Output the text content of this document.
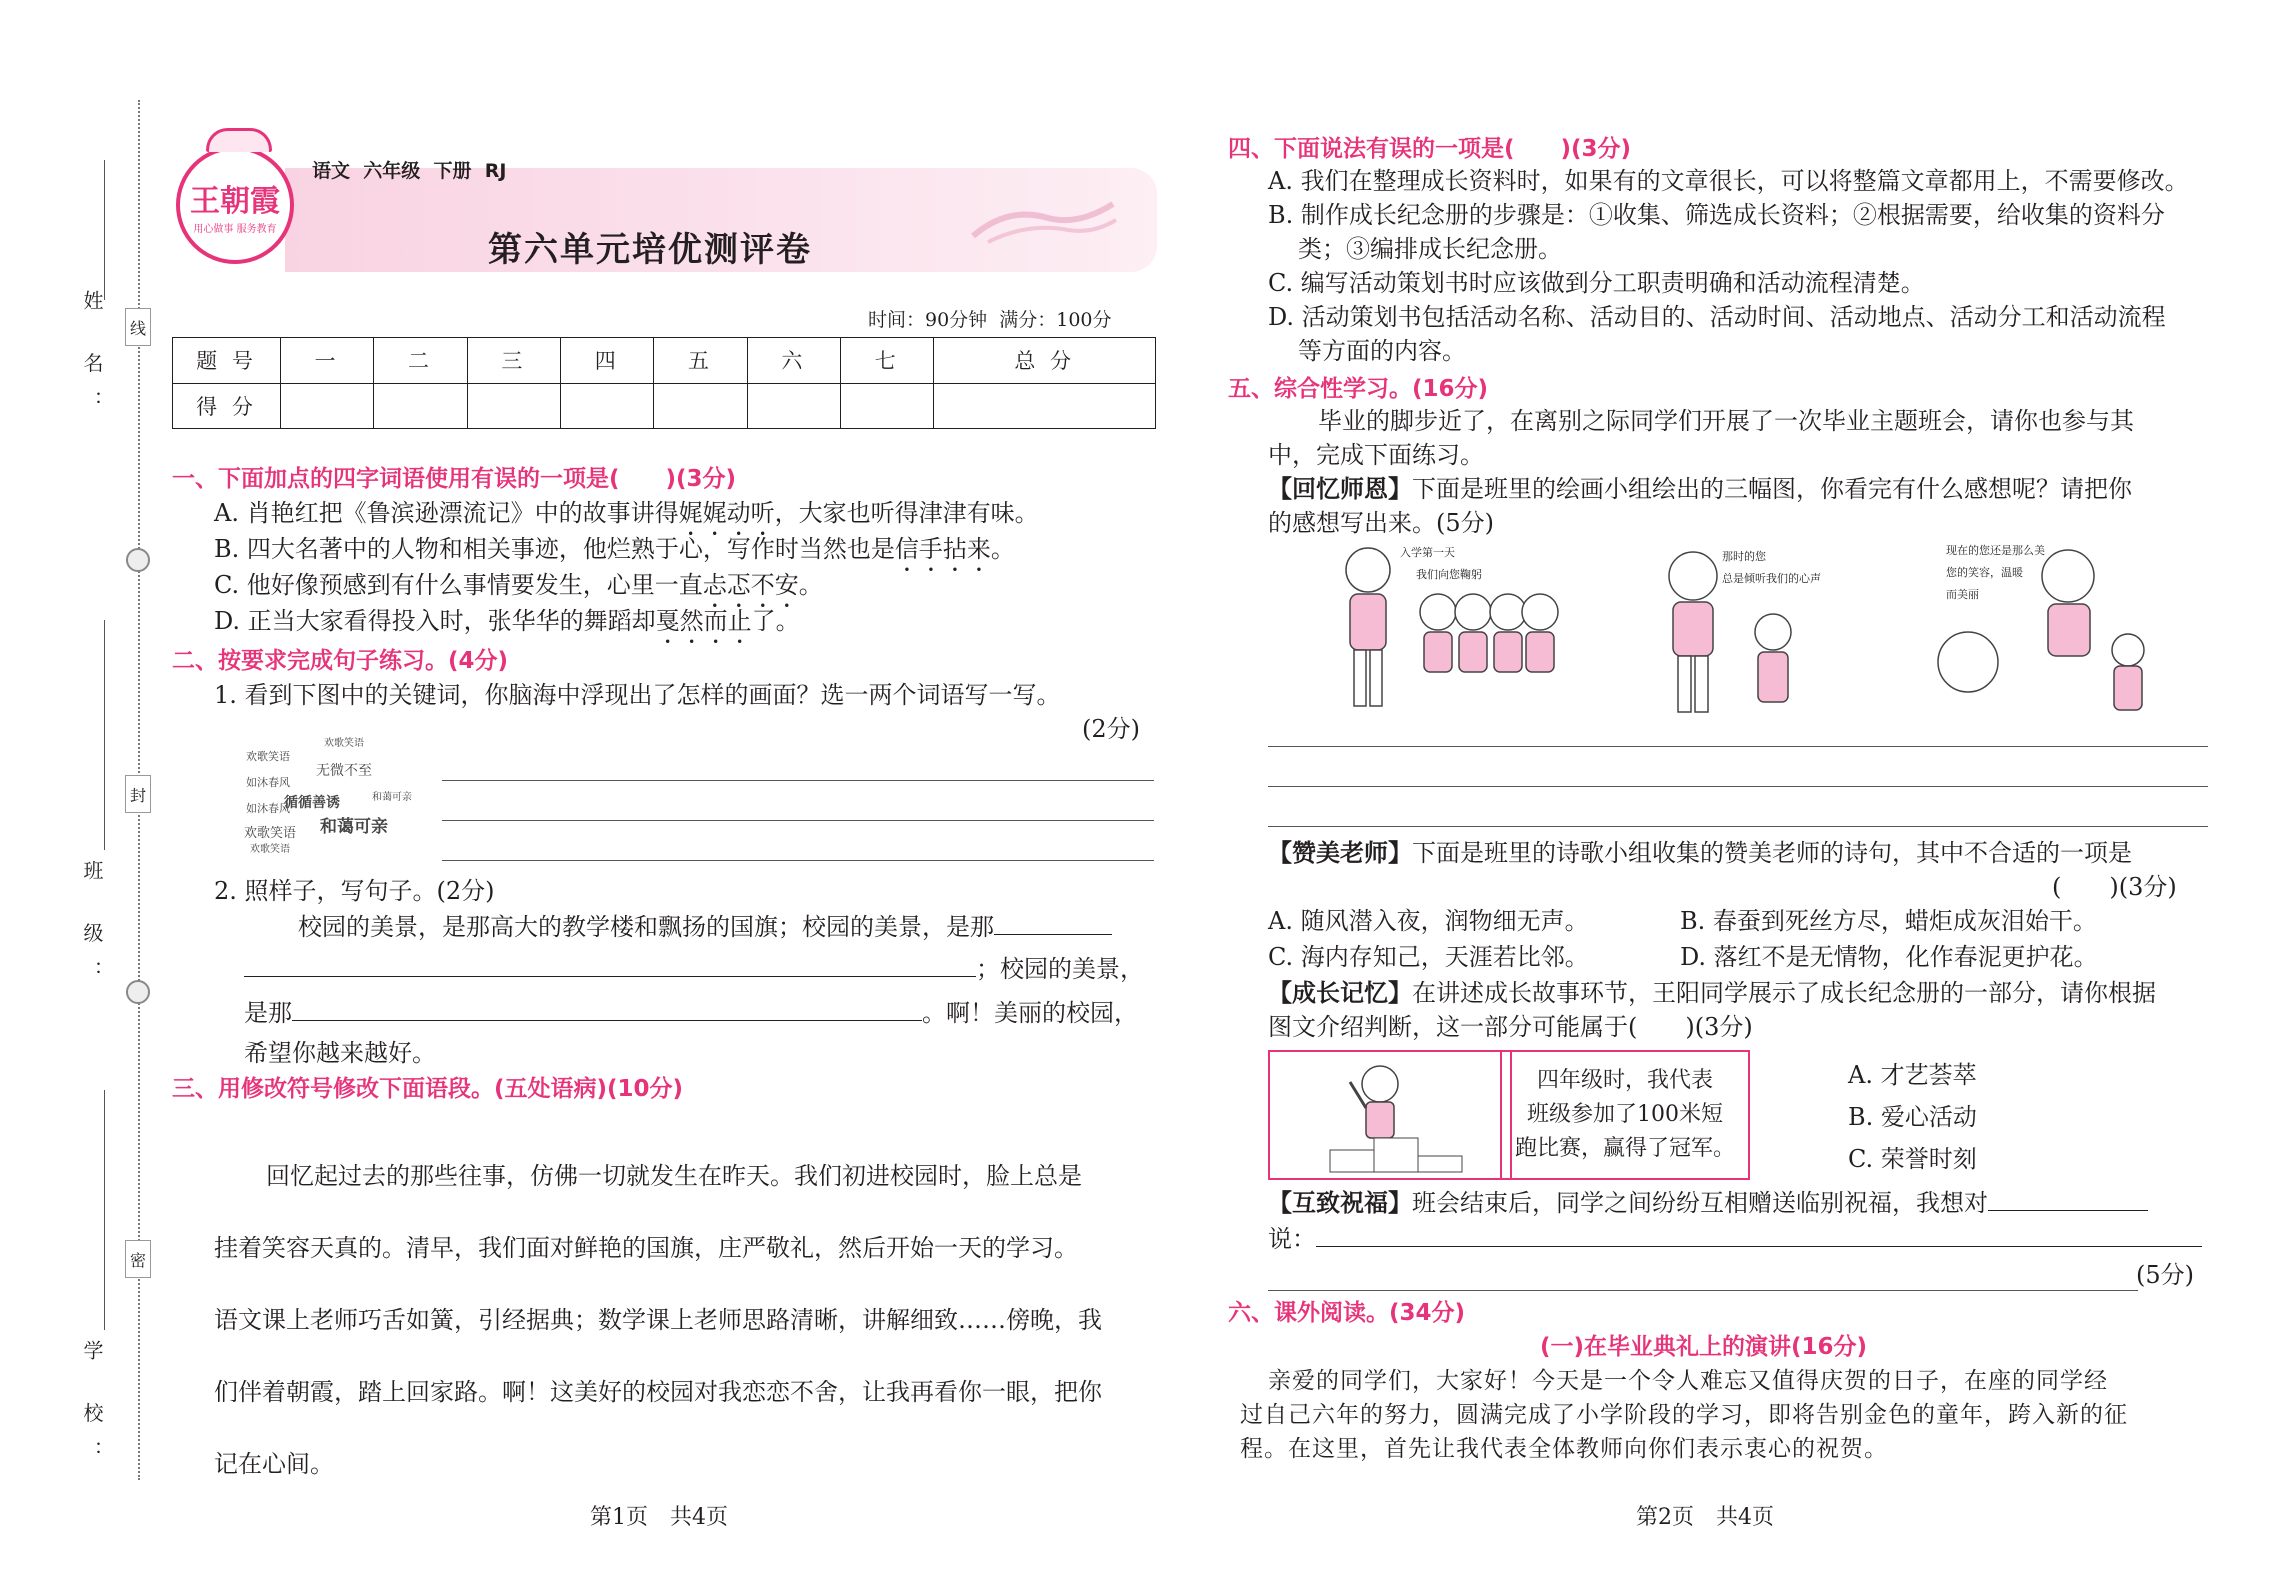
姓 名：
班 级：
学 校：
线
封
密
王朝霞
用心做事 服务教育
语文  六年级  下册  RJ
第六单元培优测评卷
时间：90分钟  满分：100分
题 号	一	二	三	四	五	六	七	总 分
得 分								
一、下面加点的四字词语使用有误的一项是(　　)(3分)
A. 肖艳红把《鲁滨逊漂流记》中的故事讲得娓娓动听，大家也听得津津有味。
B. 四大名著中的人物和相关事迹，他烂熟于心，写作时当然也是信手拈来。
C. 他好像预感到有什么事情要发生，心里一直忐忑不安。
D. 正当大家看得投入时，张华华的舞蹈却戛然而止了。
二、按要求完成句子练习。(4分)
1. 看到下图中的关键词，你脑海中浮现出了怎样的画面？选一两个词语写一写。
(2分)
欢歌笑语
如沐春风
无微不至
循循善诱
和蔼可亲
欢歌笑语
如沐春风
欢歌笑语
和蔼可亲
欢歌笑语
2. 照样子，写句子。(2分)
校园的美景，是那高大的教学楼和飘扬的国旗；校园的美景，是那
；校园的美景，
是那	。啊！美丽的校园，
希望你越来越好。
三、用修改符号修改下面语段。(五处语病)(10分)
回忆起过去的那些往事，仿佛一切就发生在昨天。我们初进校园时，脸上总是
挂着笑容天真的。清早，我们面对鲜艳的国旗，庄严敬礼，然后开始一天的学习。
语文课上老师巧舌如簧，引经据典；数学课上老师思路清晰，讲解细致……傍晚，我
们伴着朝霞，踏上回家路。啊！这美好的校园对我恋恋不舍，让我再看你一眼，把你
记在心间。
第1页　共4页
四、下面说法有误的一项是(　　)(3分)
A. 我们在整理成长资料时，如果有的文章很长，可以将整篇文章都用上，不需要修改。
B. 制作成长纪念册的步骤是：①收集、筛选成长资料；②根据需要，给收集的资料分
类；③编排成长纪念册。
C. 编写活动策划书时应该做到分工职责明确和活动流程清楚。
D. 活动策划书包括活动名称、活动目的、活动时间、活动地点、活动分工和活动流程
等方面的内容。
五、综合性学习。(16分)
毕业的脚步近了，在离别之际同学们开展了一次毕业主题班会，请你也参与其
中，完成下面练习。
【回忆师恩】下面是班里的绘画小组绘出的三幅图，你看完有什么感想呢？请把你
的感想写出来。(5分)
入学第一天
我们向您鞠躬
那时的您
总是倾听我们的心声
现在的您还是那么美
您的笑容，温暖
而美丽
【赞美老师】下面是班里的诗歌小组收集的赞美老师的诗句，其中不合适的一项是
(　　)(3分)
A. 随风潜入夜，润物细无声。	B. 春蚕到死丝方尽，蜡炬成灰泪始干。
C. 海内存知己，天涯若比邻。	D. 落红不是无情物，化作春泥更护花。
【成长记忆】在讲述成长故事环节，王阳同学展示了成长纪念册的一部分，请你根据
图文介绍判断，这一部分可能属于(　　)(3分)
四年级时，我代表
班级参加了100米短
跑比赛，赢得了冠军。
A. 才艺荟萃
B. 爱心活动
C. 荣誉时刻
【互致祝福】班会结束后，同学之间纷纷互相赠送临别祝福，我想对
说：
(5分)
六、课外阅读。(34分)
(一)在毕业典礼上的演讲(16分)
亲爱的同学们，大家好！今天是一个令人难忘又值得庆贺的日子，在座的同学经
过自己六年的努力，圆满完成了小学阶段的学习，即将告别金色的童年，跨入新的征
程。在这里，首先让我代表全体教师向你们表示衷心的祝贺。
第2页　共4页
